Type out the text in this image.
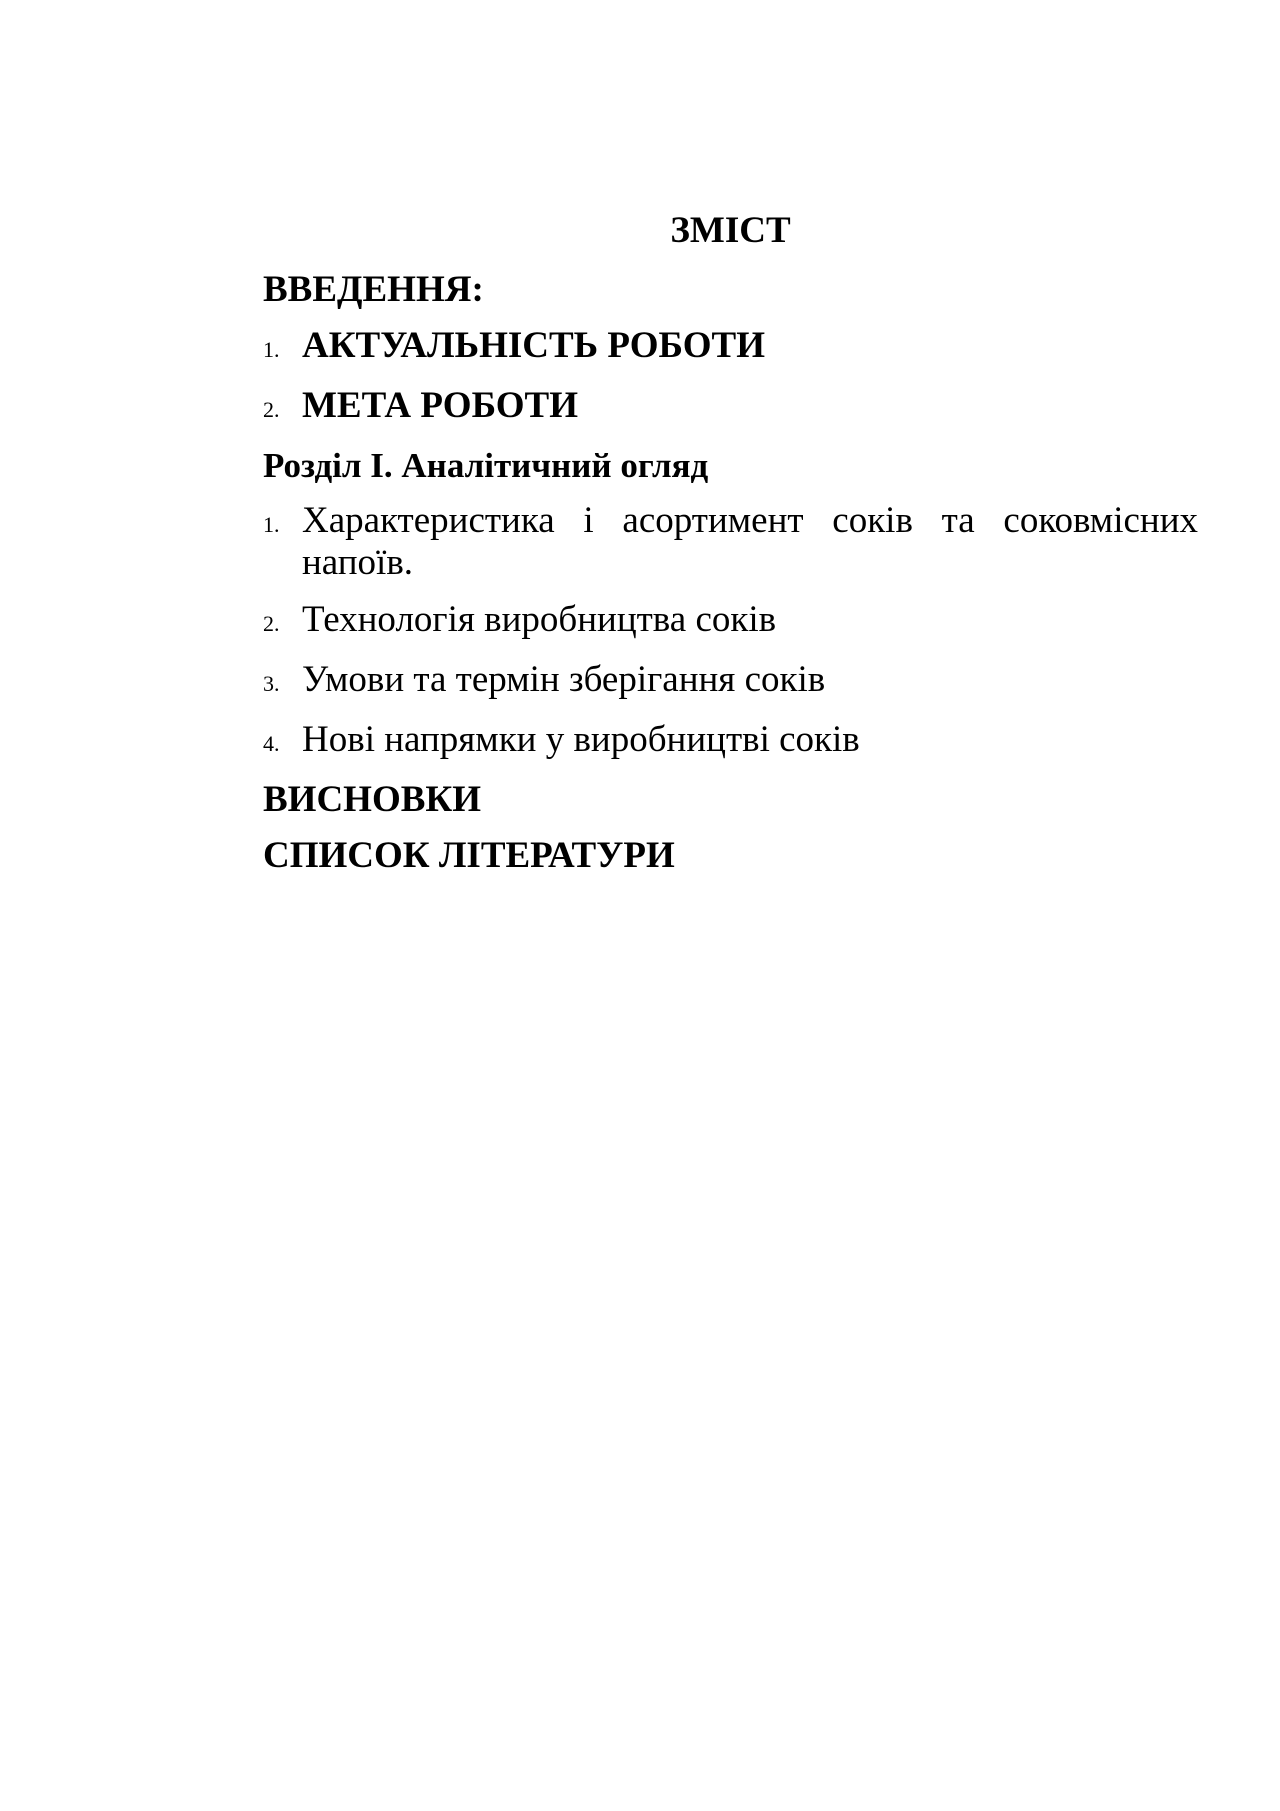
ЗМІСТ
ВВЕДЕННЯ:
1. АКТУАЛЬНІСТЬ РОБОТИ
2. МЕТА РОБОТИ
Розділ I. Аналітичний огляд
1. Характеристика і асортимент соків та соковмісних напоїв.
2. Технологія виробництва соків
3. Умови та термін зберігання соків
4. Нові напрямки у виробництві соків
ВИСНОВКИ
СПИСОК ЛІТЕРАТУРИ
